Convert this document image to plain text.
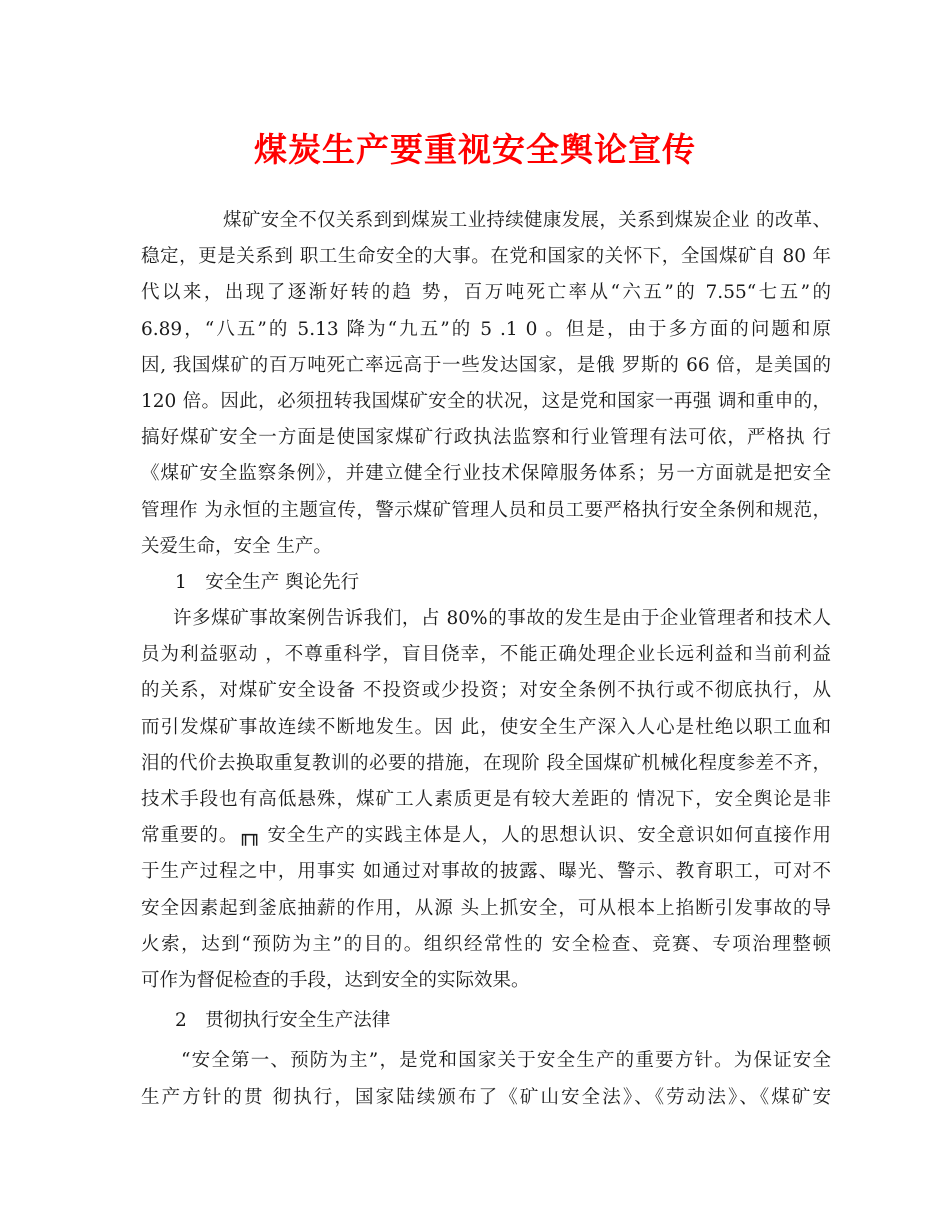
煤炭生产要重视安全舆论宣传
煤矿安全不仅关系到到煤炭工业持续健康发展，关系到煤炭企业 的改革、
稳定，更是关系到 职工生命安全的大事。在党和国家的关怀下，全国煤矿自 80 年
代以来，出现了逐渐好转的趋 势，百万吨死亡率从“六五”的 7.55“七五”的
6.89，“八五”的 5.13 降为“九五”的 5 .1 0 。但是，由于多方面的问题和原
因, 我国煤矿的百万吨死亡率远高于一些发达国家，是俄 罗斯的 66 倍，是美国的
120 倍。因此，必须扭转我国煤矿安全的状况，这是党和国家一再强 调和重申的，
搞好煤矿安全一方面是使国家煤矿行政执法监察和行业管理有法可依，严格执 行
《煤矿安全监察条例》，并建立健全行业技术保障服务体系；另一方面就是把安全
管理作 为永恒的主题宣传，警示煤矿管理人员和员工要严格执行安全条例和规范，
关爱生命，安全 生产。
1　安全生产 舆论先行
许多煤矿事故案例告诉我们，占 80%的事故的发生是由于企业管理者和技术人
员为利益驱动 ，不尊重科学，盲目侥幸，不能正确处理企业长远利益和当前利益
的关系，对煤矿安全设备 不投资或少投资；对安全条例不执行或不彻底执行，从
而引发煤矿事故连续不断地发生。因 此，使安全生产深入人心是杜绝以职工血和
泪的代价去换取重复教训的必要的措施，在现阶 段全国煤矿机械化程度参差不齐，
技术手段也有高低悬殊，煤矿工人素质更是有较大差距的 情况下，安全舆论是非
常重要的。╓╖ 安全生产的实践主体是人，人的思想认识、安全意识如何直接作用
于生产过程之中，用事实 如通过对事故的披露、曝光、警示、教育职工，可对不
安全因素起到釜底抽薪的作用，从源 头上抓安全，可从根本上掐断引发事故的导
火索，达到“预防为主”的目的。组织经常性的 安全检查、竞赛、专项治理整顿
可作为督促检查的手段，达到安全的实际效果。
2　贯彻执行安全生产法律
“安全第一、预防为主”，是党和国家关于安全生产的重要方针。为保证安全
生产方针的贯 彻执行，国家陆续颁布了《矿山安全法》、《劳动法》、《煤矿安
